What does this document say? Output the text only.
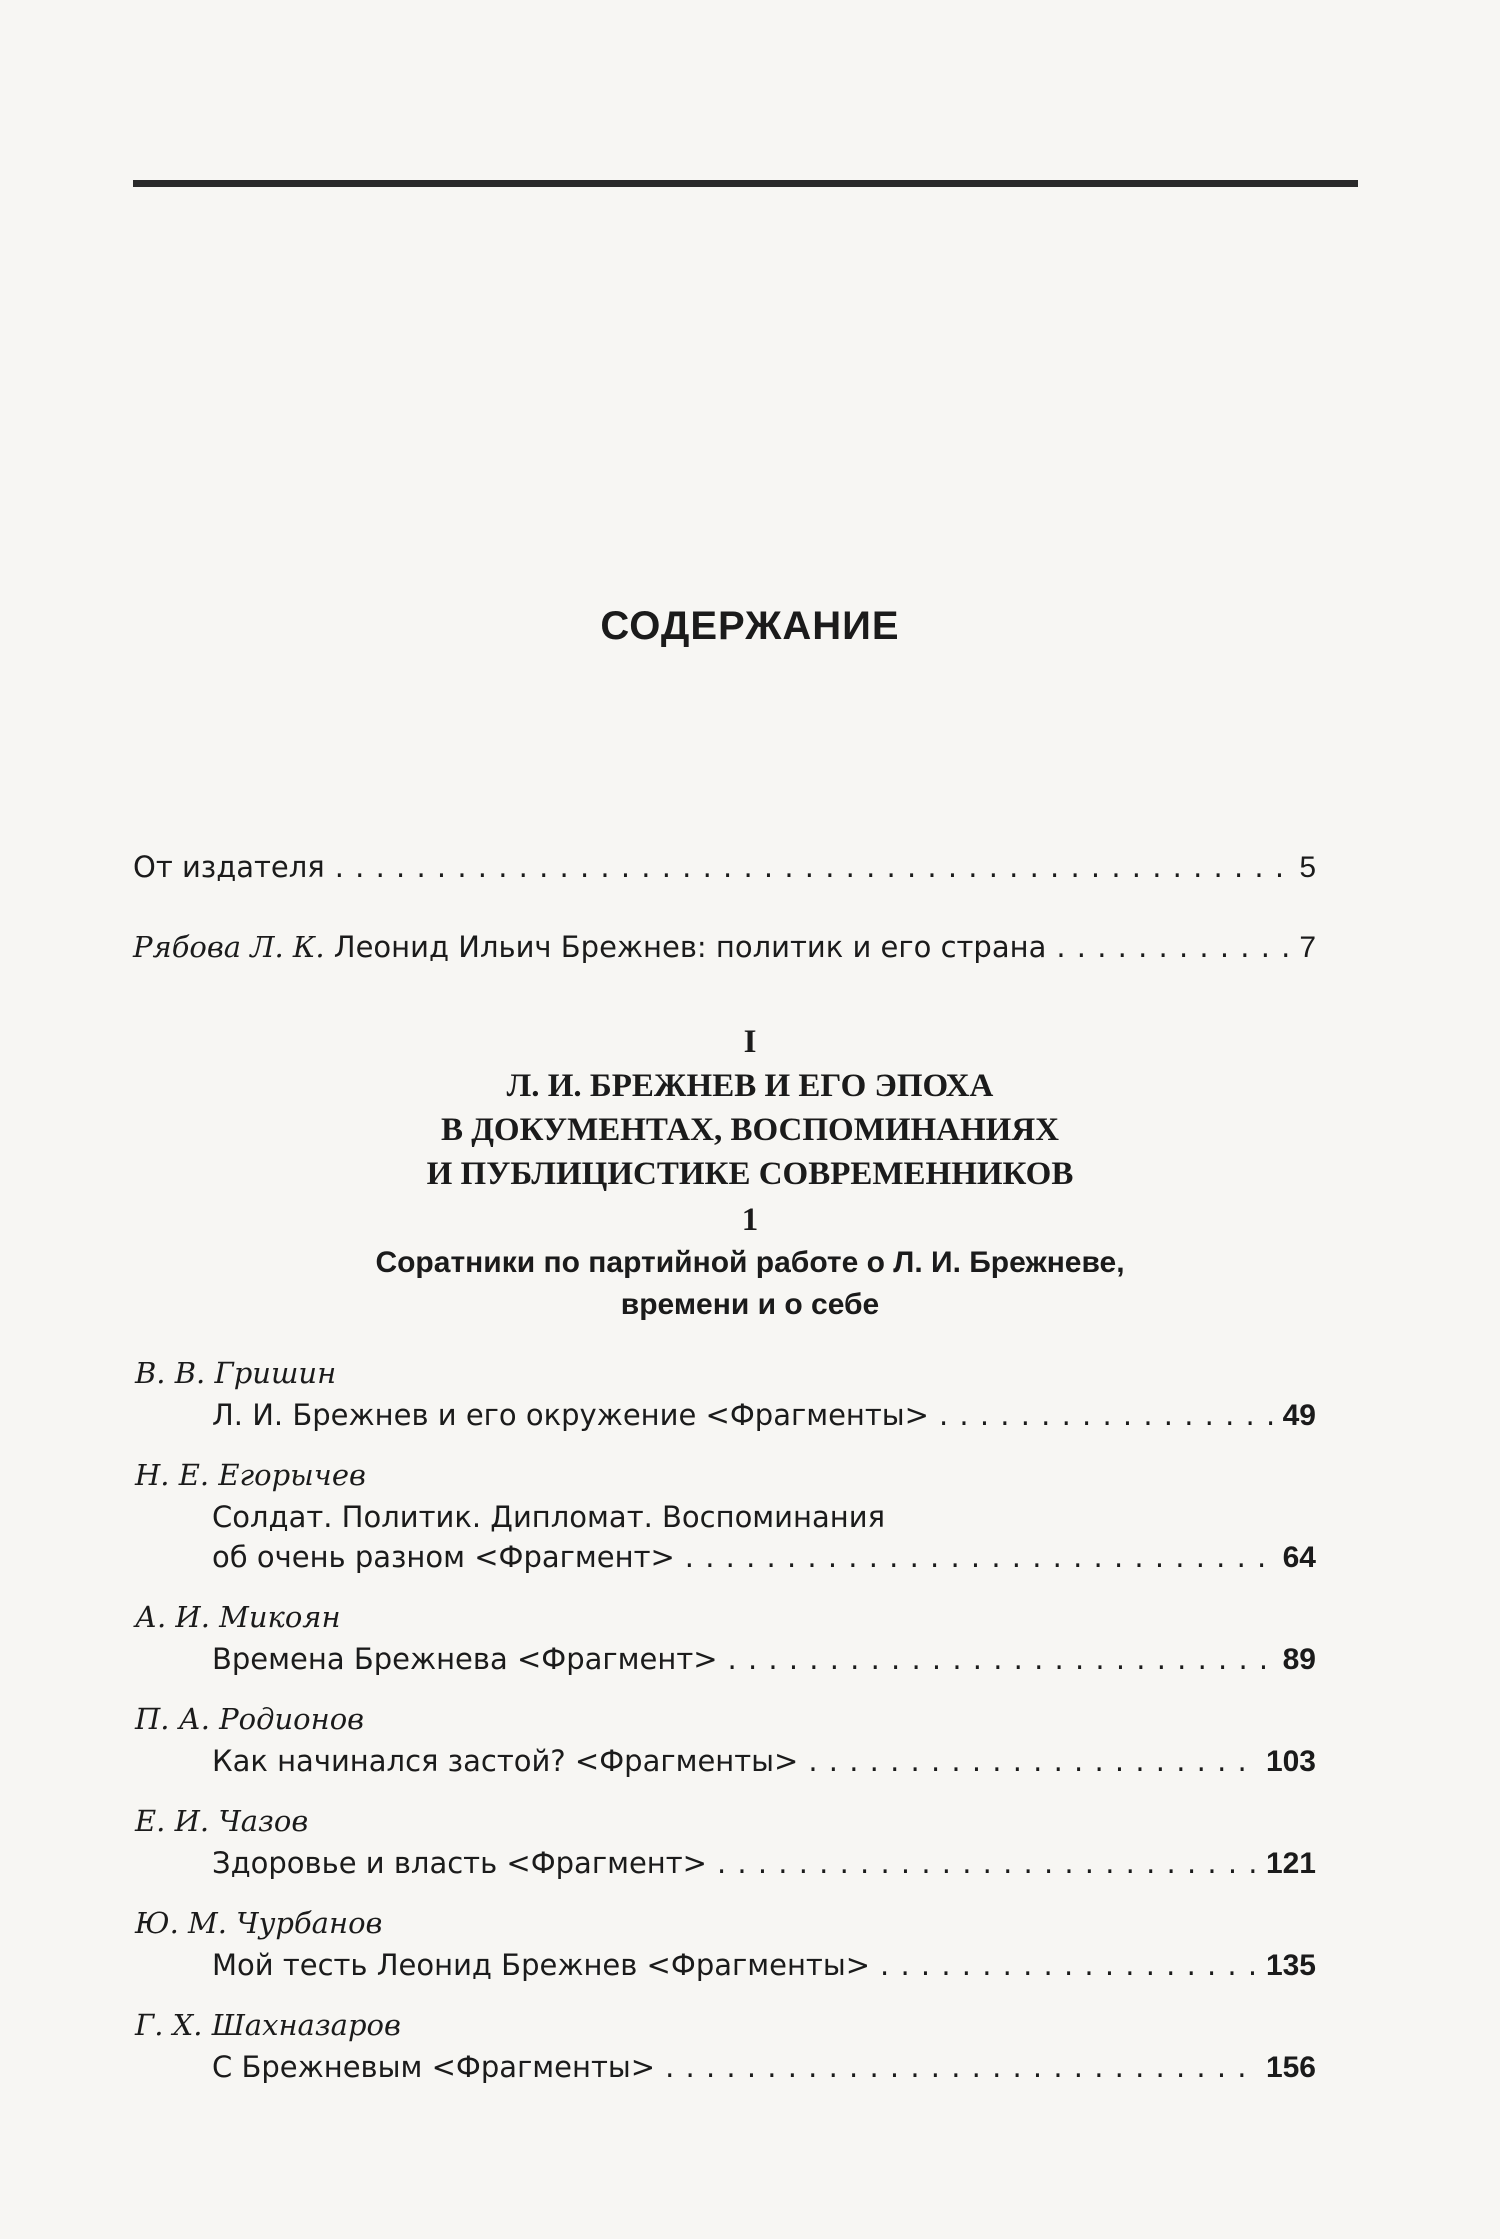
СОДЕРЖАНИЕ
От издателя . . .	5
Рябова Л. К. Леонид Ильич Брежнев: политик и его страна . . .	7
I
Л. И. БРЕЖНЕВ И ЕГО ЭПОХА
В ДОКУМЕНТАХ, ВОСПОМИНАНИЯХ
И ПУБЛИЦИСТИКЕ СОВРЕМЕННИКОВ
1
Соратники по партийной работе о Л. И. Брежневе,
времени и о себе
В. В. Гришин
Л. И. Брежнев и его окружение <Фрагменты> . . .	49
Н. Е. Егорычев
Солдат. Политик. Дипломат. Воспоминания
об очень разном <Фрагмент> . . .	64
А. И. Микоян
Времена Брежнева <Фрагмент> . . .	89
П. А. Родионов
Как начинался застой? <Фрагменты> . . .	103
Е. И. Чазов
Здоровье и власть <Фрагмент> . . .	121
Ю. М. Чурбанов
Мой тесть Леонид Брежнев <Фрагменты> . . .	135
Г. Х. Шахназаров
С Брежневым <Фрагменты> . . .	156
